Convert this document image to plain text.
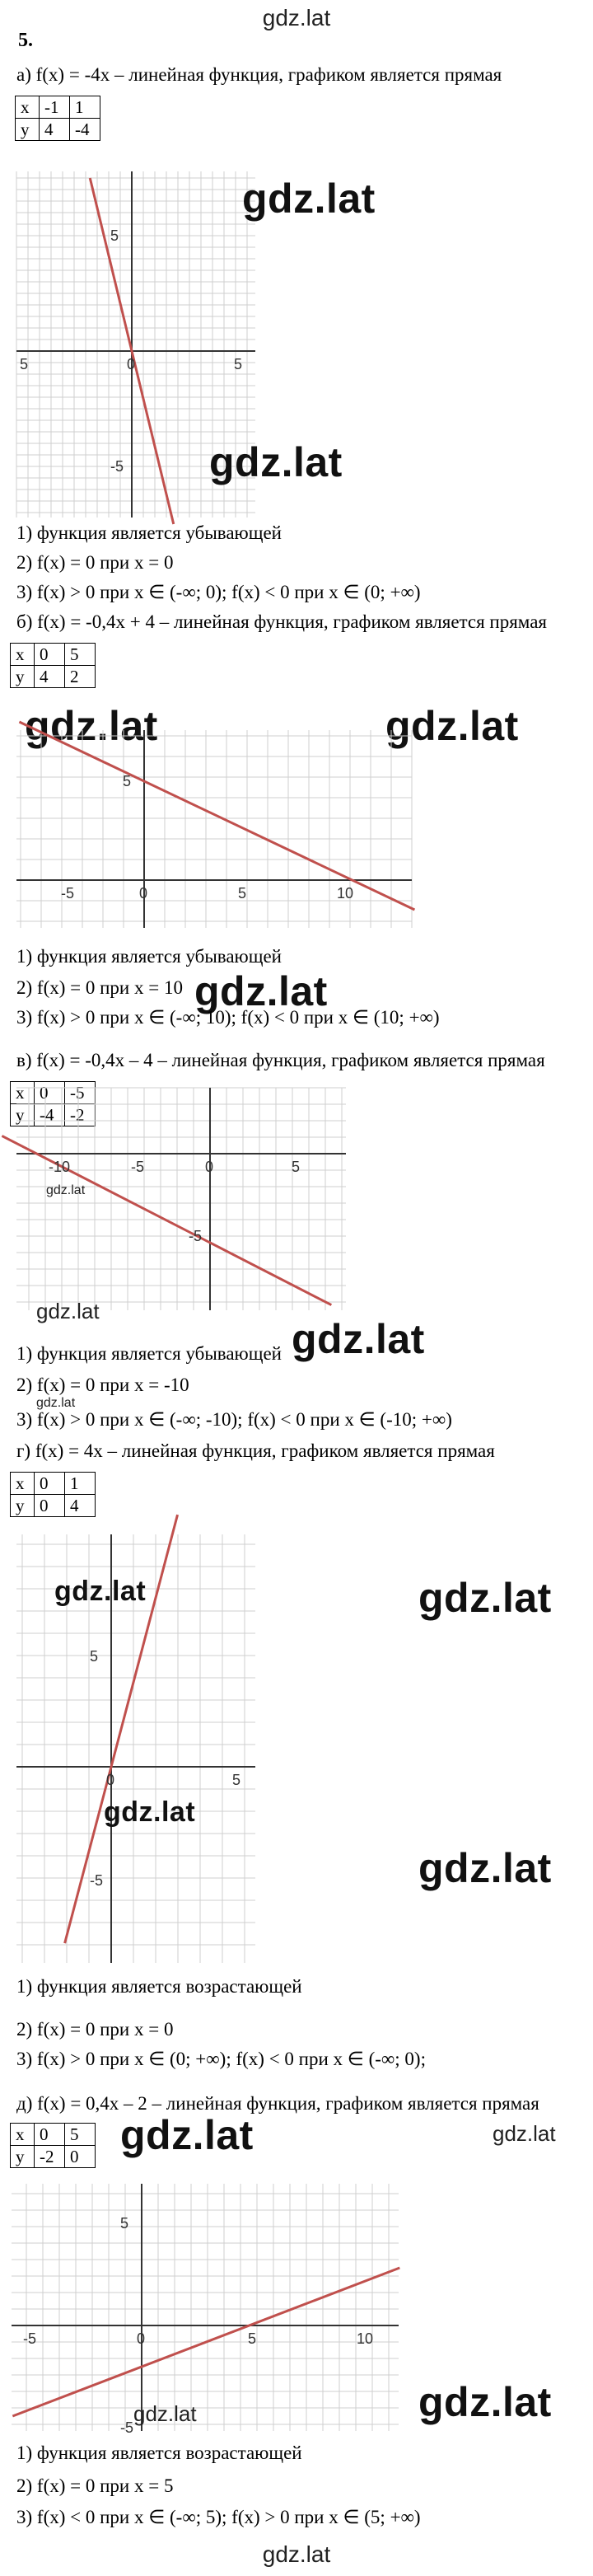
gdz.lat
5.
а) f(x) = -4x – линейная функция, графиком является прямая
x	-1	1
y	4	-4
5	0	5
5
-5
gdz.lat
gdz.lat
1) функция является убывающей
2) f(x) = 0 при x = 0
3) f(x) > 0 при x ∈ (-∞; 0); f(x) < 0 при x ∈ (0; +∞)
б) f(x) = -0,4x + 4 – линейная функция, графиком является прямая
x	0	5
y	4	2
gdz.lat	gdz.lat
-5	0	5	10
5
1) функция является убывающей
2) f(x) = 0 при x = 10 gdz.lat
3) f(x) > 0 при x ∈ (-∞; 10); f(x) < 0 при x ∈ (10; +∞)
в) f(x) = -0,4x – 4 – линейная функция, графиком является прямая
x	0	-5
y	-4	-2
-10	-5	0	5
-5
gdz.lat
gdz.lat
1) функция является убывающей gdz.lat
2) f(x) = 0 при x = -10
gdz.lat
3) f(x) > 0 при x ∈ (-∞; -10); f(x) < 0 при x ∈ (-10; +∞)
г) f(x) = 4x – линейная функция, графиком является прямая
x	0	1
y	0	4
0	5
5
-5
gdz.lat	gdz.lat
gdz.lat
gdz.lat
1) функция является возрастающей
2) f(x) = 0 при x = 0
3) f(x) > 0 при x ∈ (0; +∞); f(x) < 0 при x ∈ (-∞; 0);
д) f(x) = 0,4x – 2 – линейная функция, графиком является прямая
gdz.lat
x	0	5
y	-2	0 gdz.lat
-5	0	5	10
5
-5
gdz.lat	gdz.lat
1) функция является возрастающей
2) f(x) = 0 при x = 5
3) f(x) < 0 при x ∈ (-∞; 5); f(x) > 0 при x ∈ (5; +∞)
gdz.lat
